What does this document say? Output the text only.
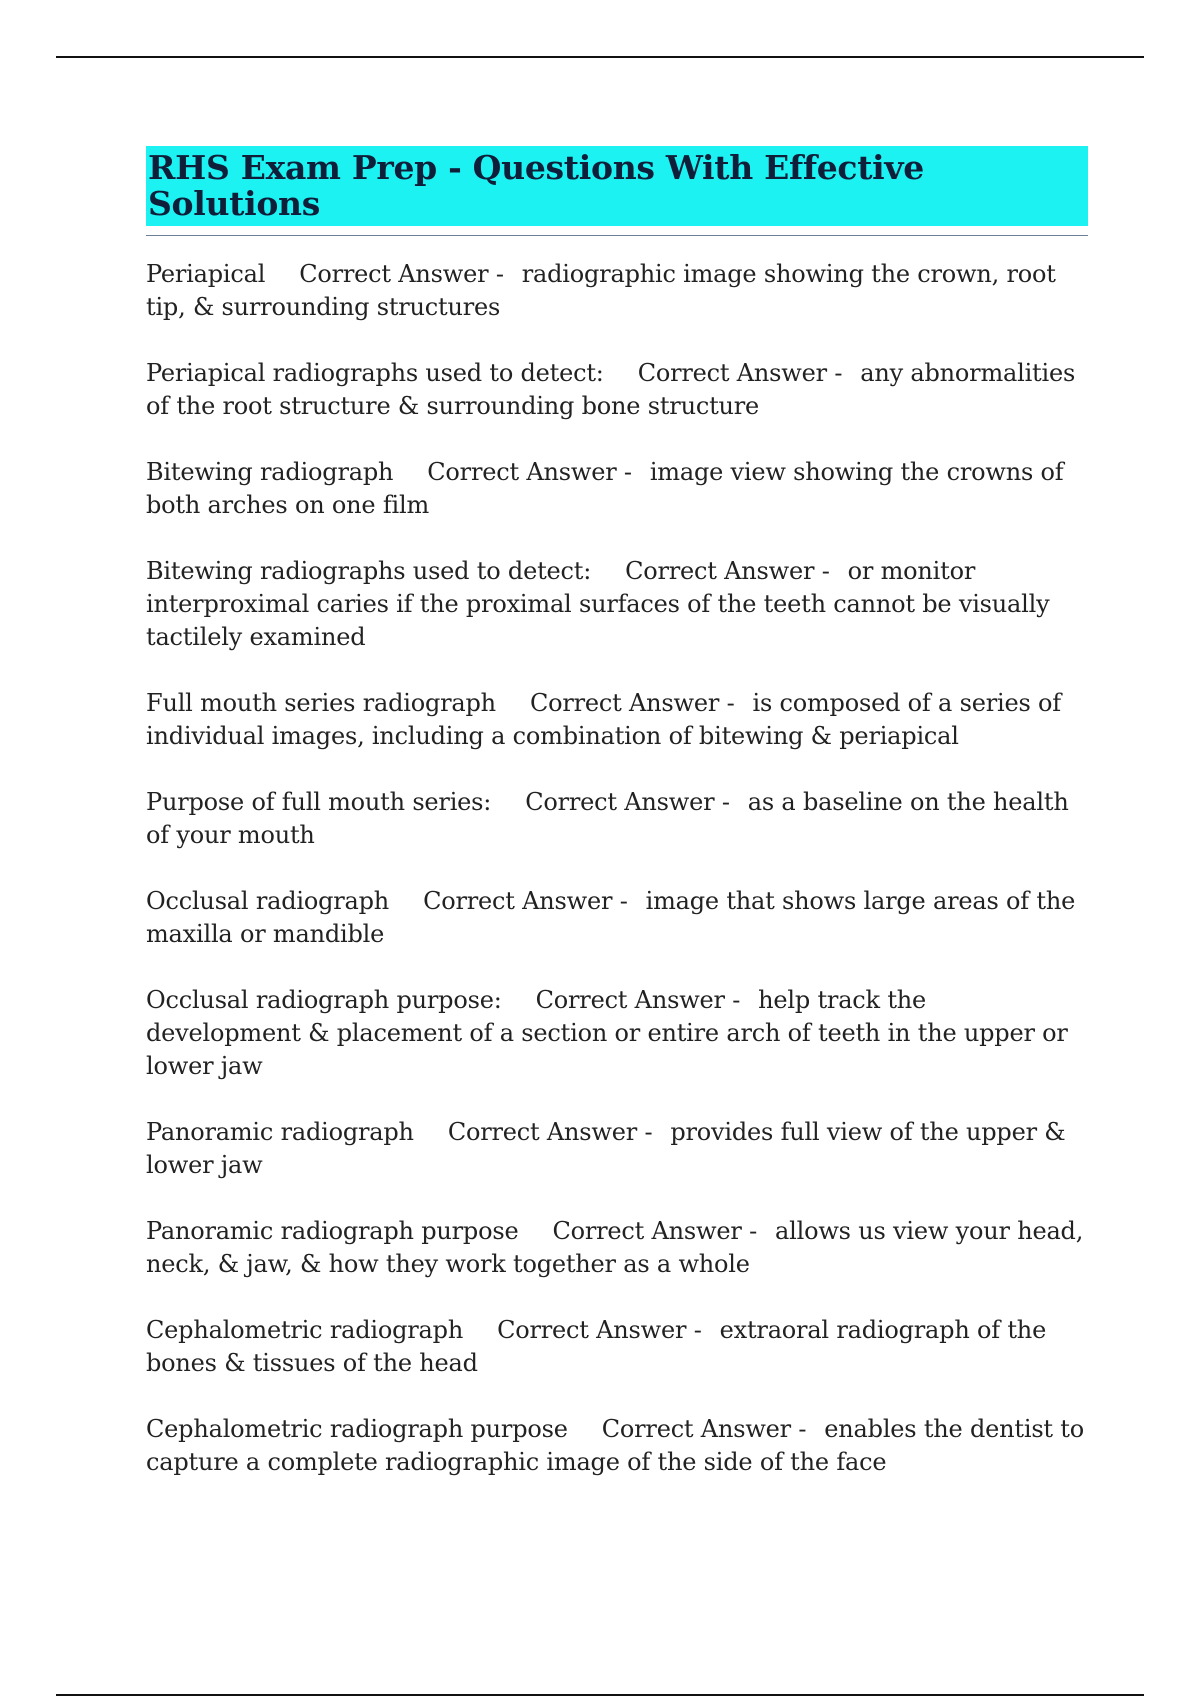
RHS Exam Prep - Questions With Effective Solutions

Periapical Correct Answer - radiographic image showing the crown, root tip, & surrounding structures

Periapical radiographs used to detect: Correct Answer - any abnormalities of the root structure & surrounding bone structure

Bitewing radiograph Correct Answer - image view showing the crowns of both arches on one film

Bitewing radiographs used to detect: Correct Answer - or monitor interproximal caries if the proximal surfaces of the teeth cannot be visually tactilely examined

Full mouth series radiograph Correct Answer - is composed of a series of individual images, including a combination of bitewing & periapical

Purpose of full mouth series: Correct Answer - as a baseline on the health of your mouth

Occlusal radiograph Correct Answer - image that shows large areas of the maxilla or mandible

Occlusal radiograph purpose: Correct Answer - help track the development & placement of a section or entire arch of teeth in the upper or lower jaw

Panoramic radiograph Correct Answer - provides full view of the upper & lower jaw

Panoramic radiograph purpose Correct Answer - allows us view your head, neck, & jaw, & how they work together as a whole

Cephalometric radiograph Correct Answer - extraoral radiograph of the bones & tissues of the head

Cephalometric radiograph purpose Correct Answer - enables the dentist to capture a complete radiographic image of the side of the face
